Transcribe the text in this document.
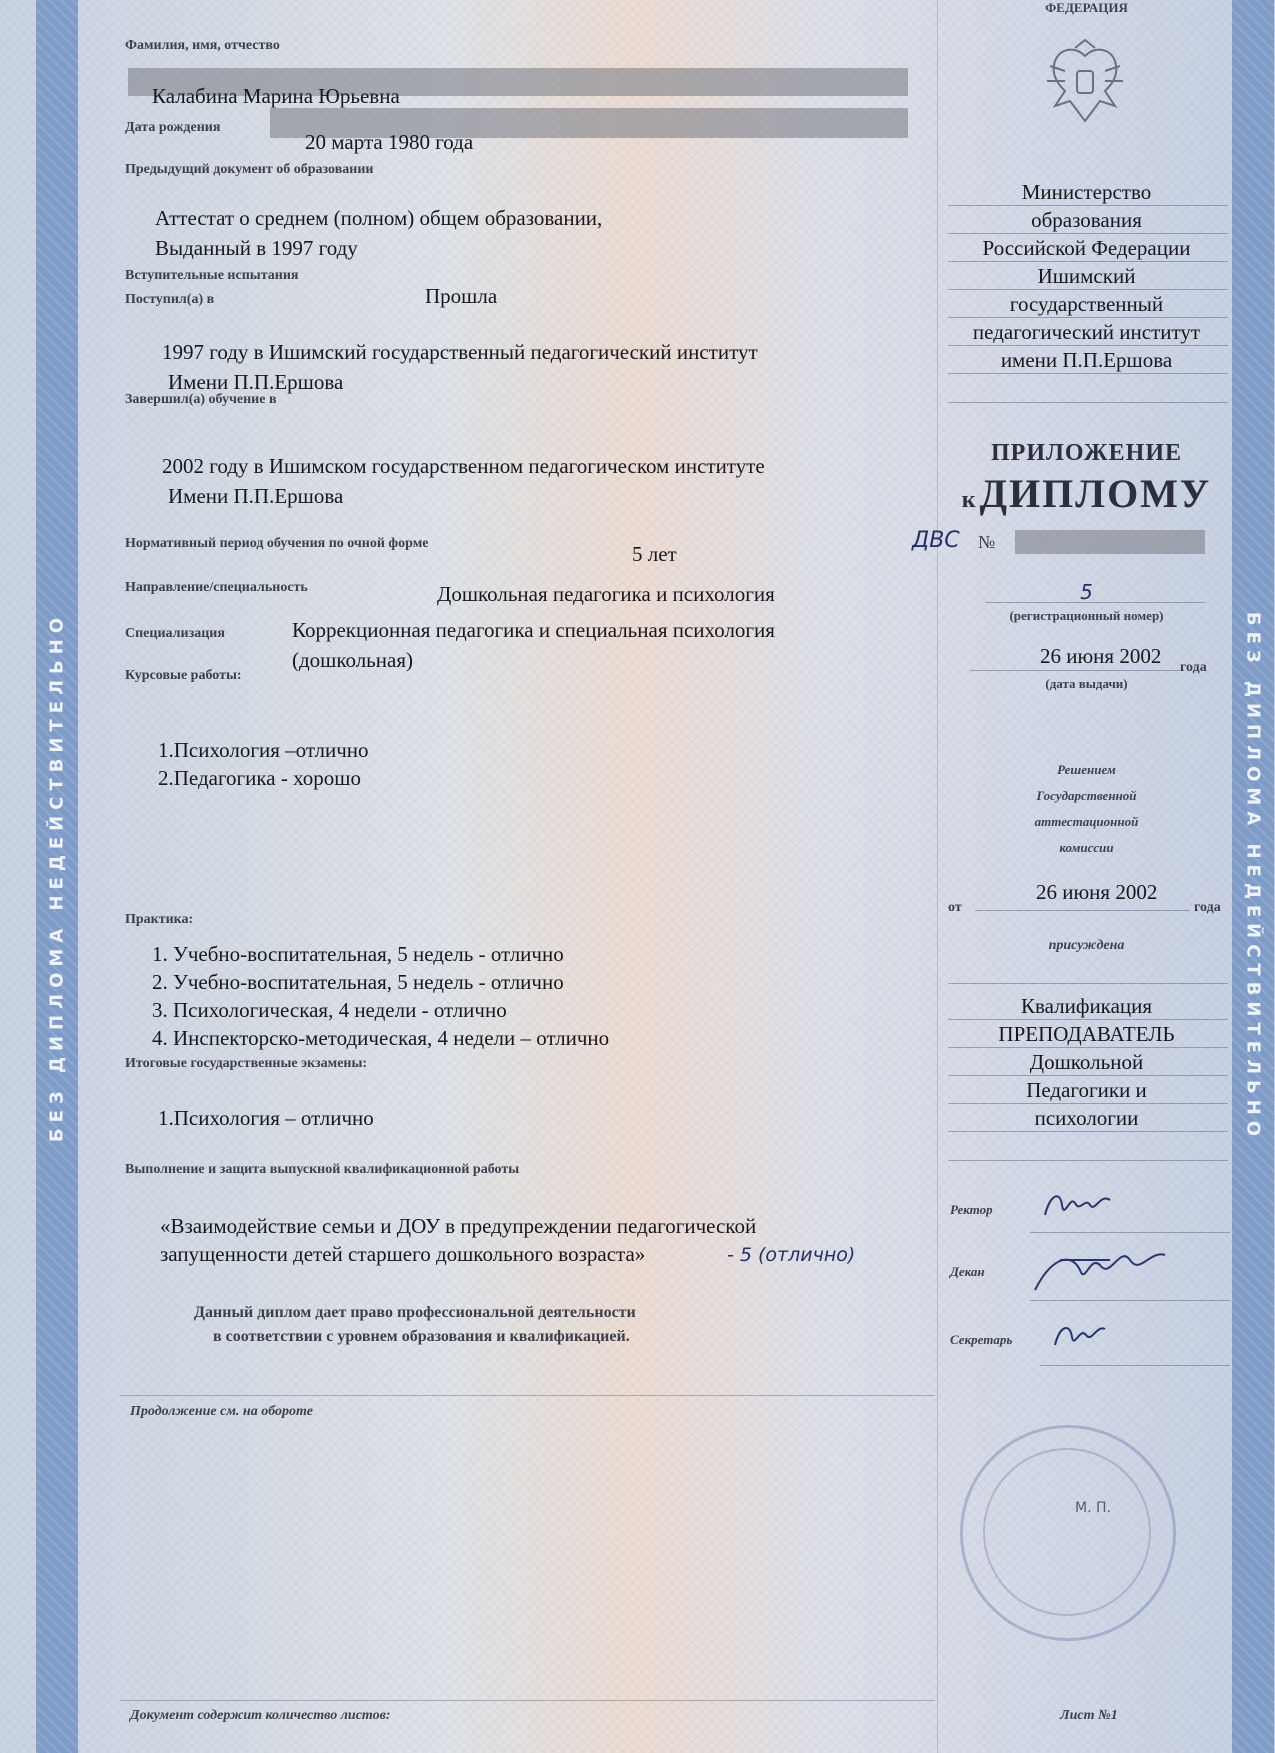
БЕЗ ДИПЛОМА НЕДЕЙСТВИТЕЛЬНО	БЕЗ ДИПЛОМА НЕДЕЙСТВИТЕЛЬНО
Фамилия, имя, отчество
Калабина Марина Юрьевна
Дата рождения
20 марта 1980 года
Предыдущий документ об образовании
Аттестат о среднем (полном) общем образовании,
Выданный в 1997 году
Вступительные испытания
Прошла
Поступил(а) в
1997 году в Ишимский государственный педагогический институт
Имени П.П.Ершова
Завершил(а) обучение в
2002 году в Ишимском государственном педагогическом институте
Имени П.П.Ершова
Нормативный период обучения по очной форме	5 лет
Направление/специальность	Дошкольная педагогика и психология
Специализация	Коррекционная педагогика и специальная психология
(дошкольная)
Курсовые работы:
1.Психология –отлично
2.Педагогика - хорошо
Практика:
1. Учебно-воспитательная, 5 недель - отлично
2. Учебно-воспитательная, 5 недель - отлично
3. Психологическая, 4 недели - отлично
4. Инспекторско-методическая, 4 недели – отлично
Итоговые государственные экзамены:
1.Психология – отлично
Выполнение и защита выпускной квалификационной работы
«Взаимодействие семьи и ДОУ в предупреждении педагогической
запущенности детей старшего дошкольного возраста»	- 5 (отлично)
Данный диплом дает право профессиональной деятельности
в соответствии с уровнем образования и квалификацией.
Продолжение см. на обороте
Документ содержит количество листов:
ФЕДЕРАЦИЯ
Министерство
образования
Российской Федерации
Ишимский
государственный
педагогический институт
имени П.П.Ершова
ПРИЛОЖЕНИЕ
к ДИПЛОМУ
ДВС №
5
(регистрационный номер)
26 июня 2002 года
(дата выдачи)
Решением
Государственной
аттестационной
комиссии
от
26 июня 2002
года
присуждена
Квалификация
ПРЕПОДАВАТЕЛЬ
Дошкольной
Педагогики и
психологии
Ректор
Декан
Секретарь
М. П.
Лист №1
